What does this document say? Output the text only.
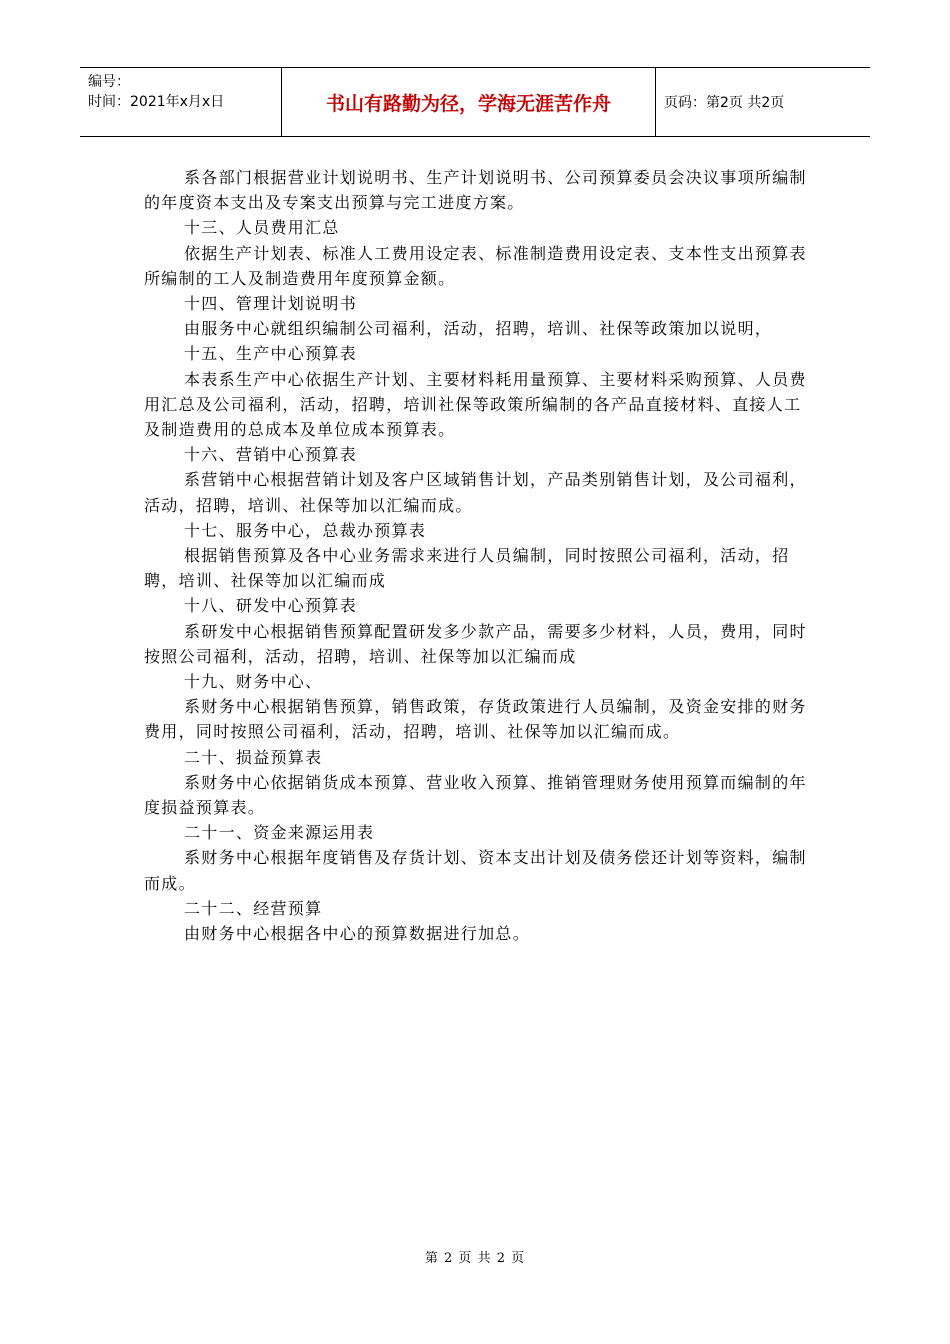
编号：
时间：2021年x月x日	书山有路勤为径，学海无涯苦作舟	页码：第2页 共2页

系各部门根据营业计划说明书、生产计划说明书、公司预算委员会决议事项所编制的年度资本支出及专案支出预算与完工进度方案。

十三、人员费用汇总

依据生产计划表、标准人工费用设定表、标准制造费用设定表、支本性支出预算表所编制的工人及制造费用年度预算金额。

十四、管理计划说明书

由服务中心就组织编制公司福利，活动，招聘，培训、社保等政策加以说明，

十五、生产中心预算表

本表系生产中心依据生产计划、主要材料耗用量预算、主要材料采购预算、人员费用汇总及公司福利，活动，招聘，培训社保等政策所编制的各产品直接材料、直接人工及制造费用的总成本及单位成本预算表。

十六、营销中心预算表

系营销中心根据营销计划及客户区域销售计划，产品类别销售计划，及公司福利，活动，招聘，培训、社保等加以汇编而成。

十七、服务中心，总裁办预算表

根据销售预算及各中心业务需求来进行人员编制，同时按照公司福利，活动，招聘，培训、社保等加以汇编而成

十八、研发中心预算表

系研发中心根据销售预算配置研发多少款产品，需要多少材料，人员，费用，同时按照公司福利，活动，招聘，培训、社保等加以汇编而成

十九、财务中心、

系财务中心根据销售预算，销售政策，存货政策进行人员编制，及资金安排的财务费用，同时按照公司福利，活动，招聘，培训、社保等加以汇编而成。

二十、损益预算表

系财务中心依据销货成本预算、营业收入预算、推销管理财务使用预算而编制的年度损益预算表。

二十一、资金来源运用表

系财务中心根据年度销售及存货计划、资本支出计划及债务偿还计划等资料，编制而成。

二十二、经营预算

由财务中心根据各中心的预算数据进行加总。

第 2 页 共 2 页
